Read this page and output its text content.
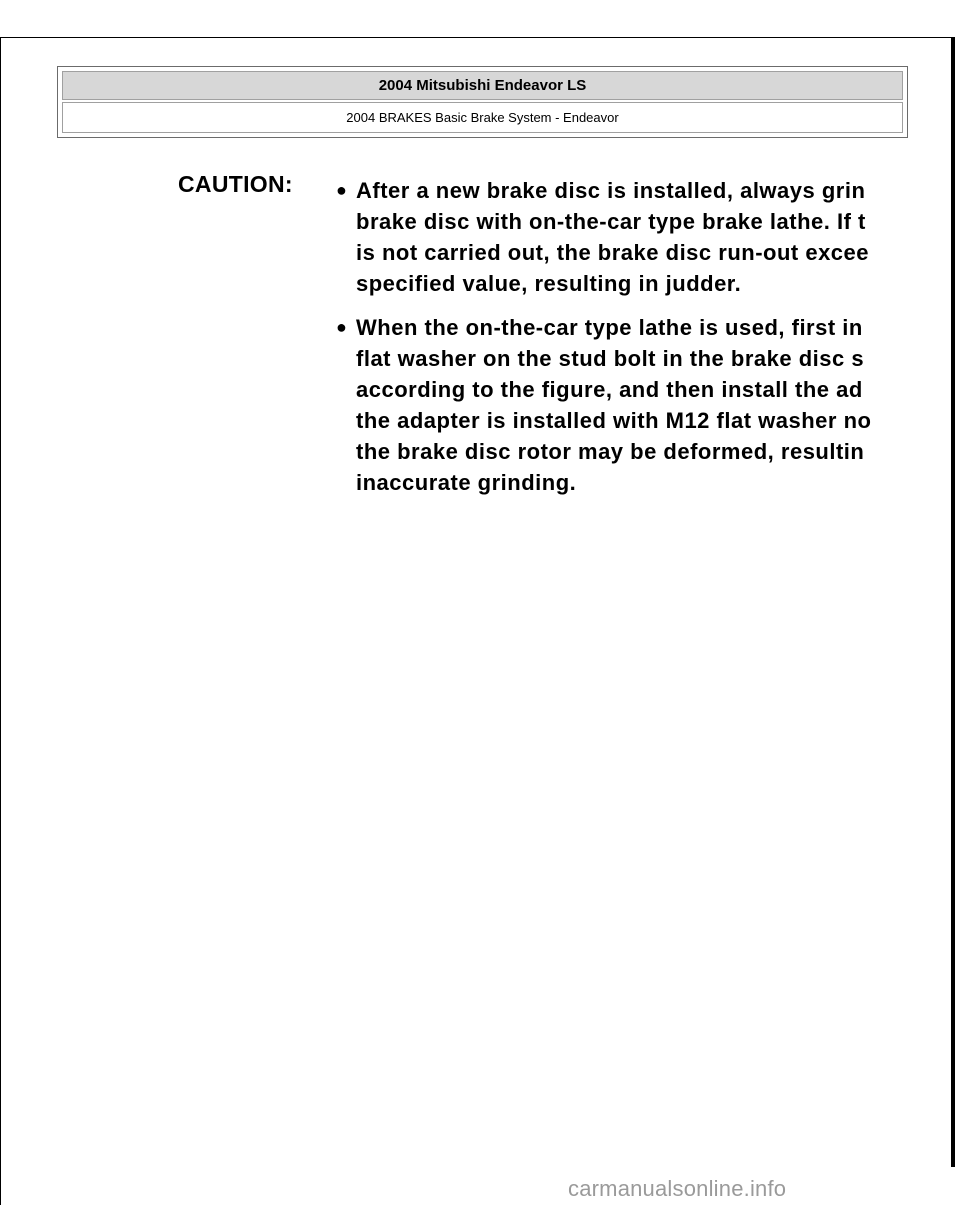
2004 Mitsubishi Endeavor LS
2004 BRAKES Basic Brake System - Endeavor
CAUTION: ● After a new brake disc is installed, always grin
brake disc with on-the-car type brake lathe. If t
is not carried out, the brake disc run-out excee
specified value, resulting in judder.
● When the on-the-car type lathe is used, first in
flat washer on the stud bolt in the brake disc s
according to the figure, and then install the ad
the adapter is installed with M12 flat washer no
the brake disc rotor may be deformed, resultin
inaccurate grinding.
carmanualsonline.info
